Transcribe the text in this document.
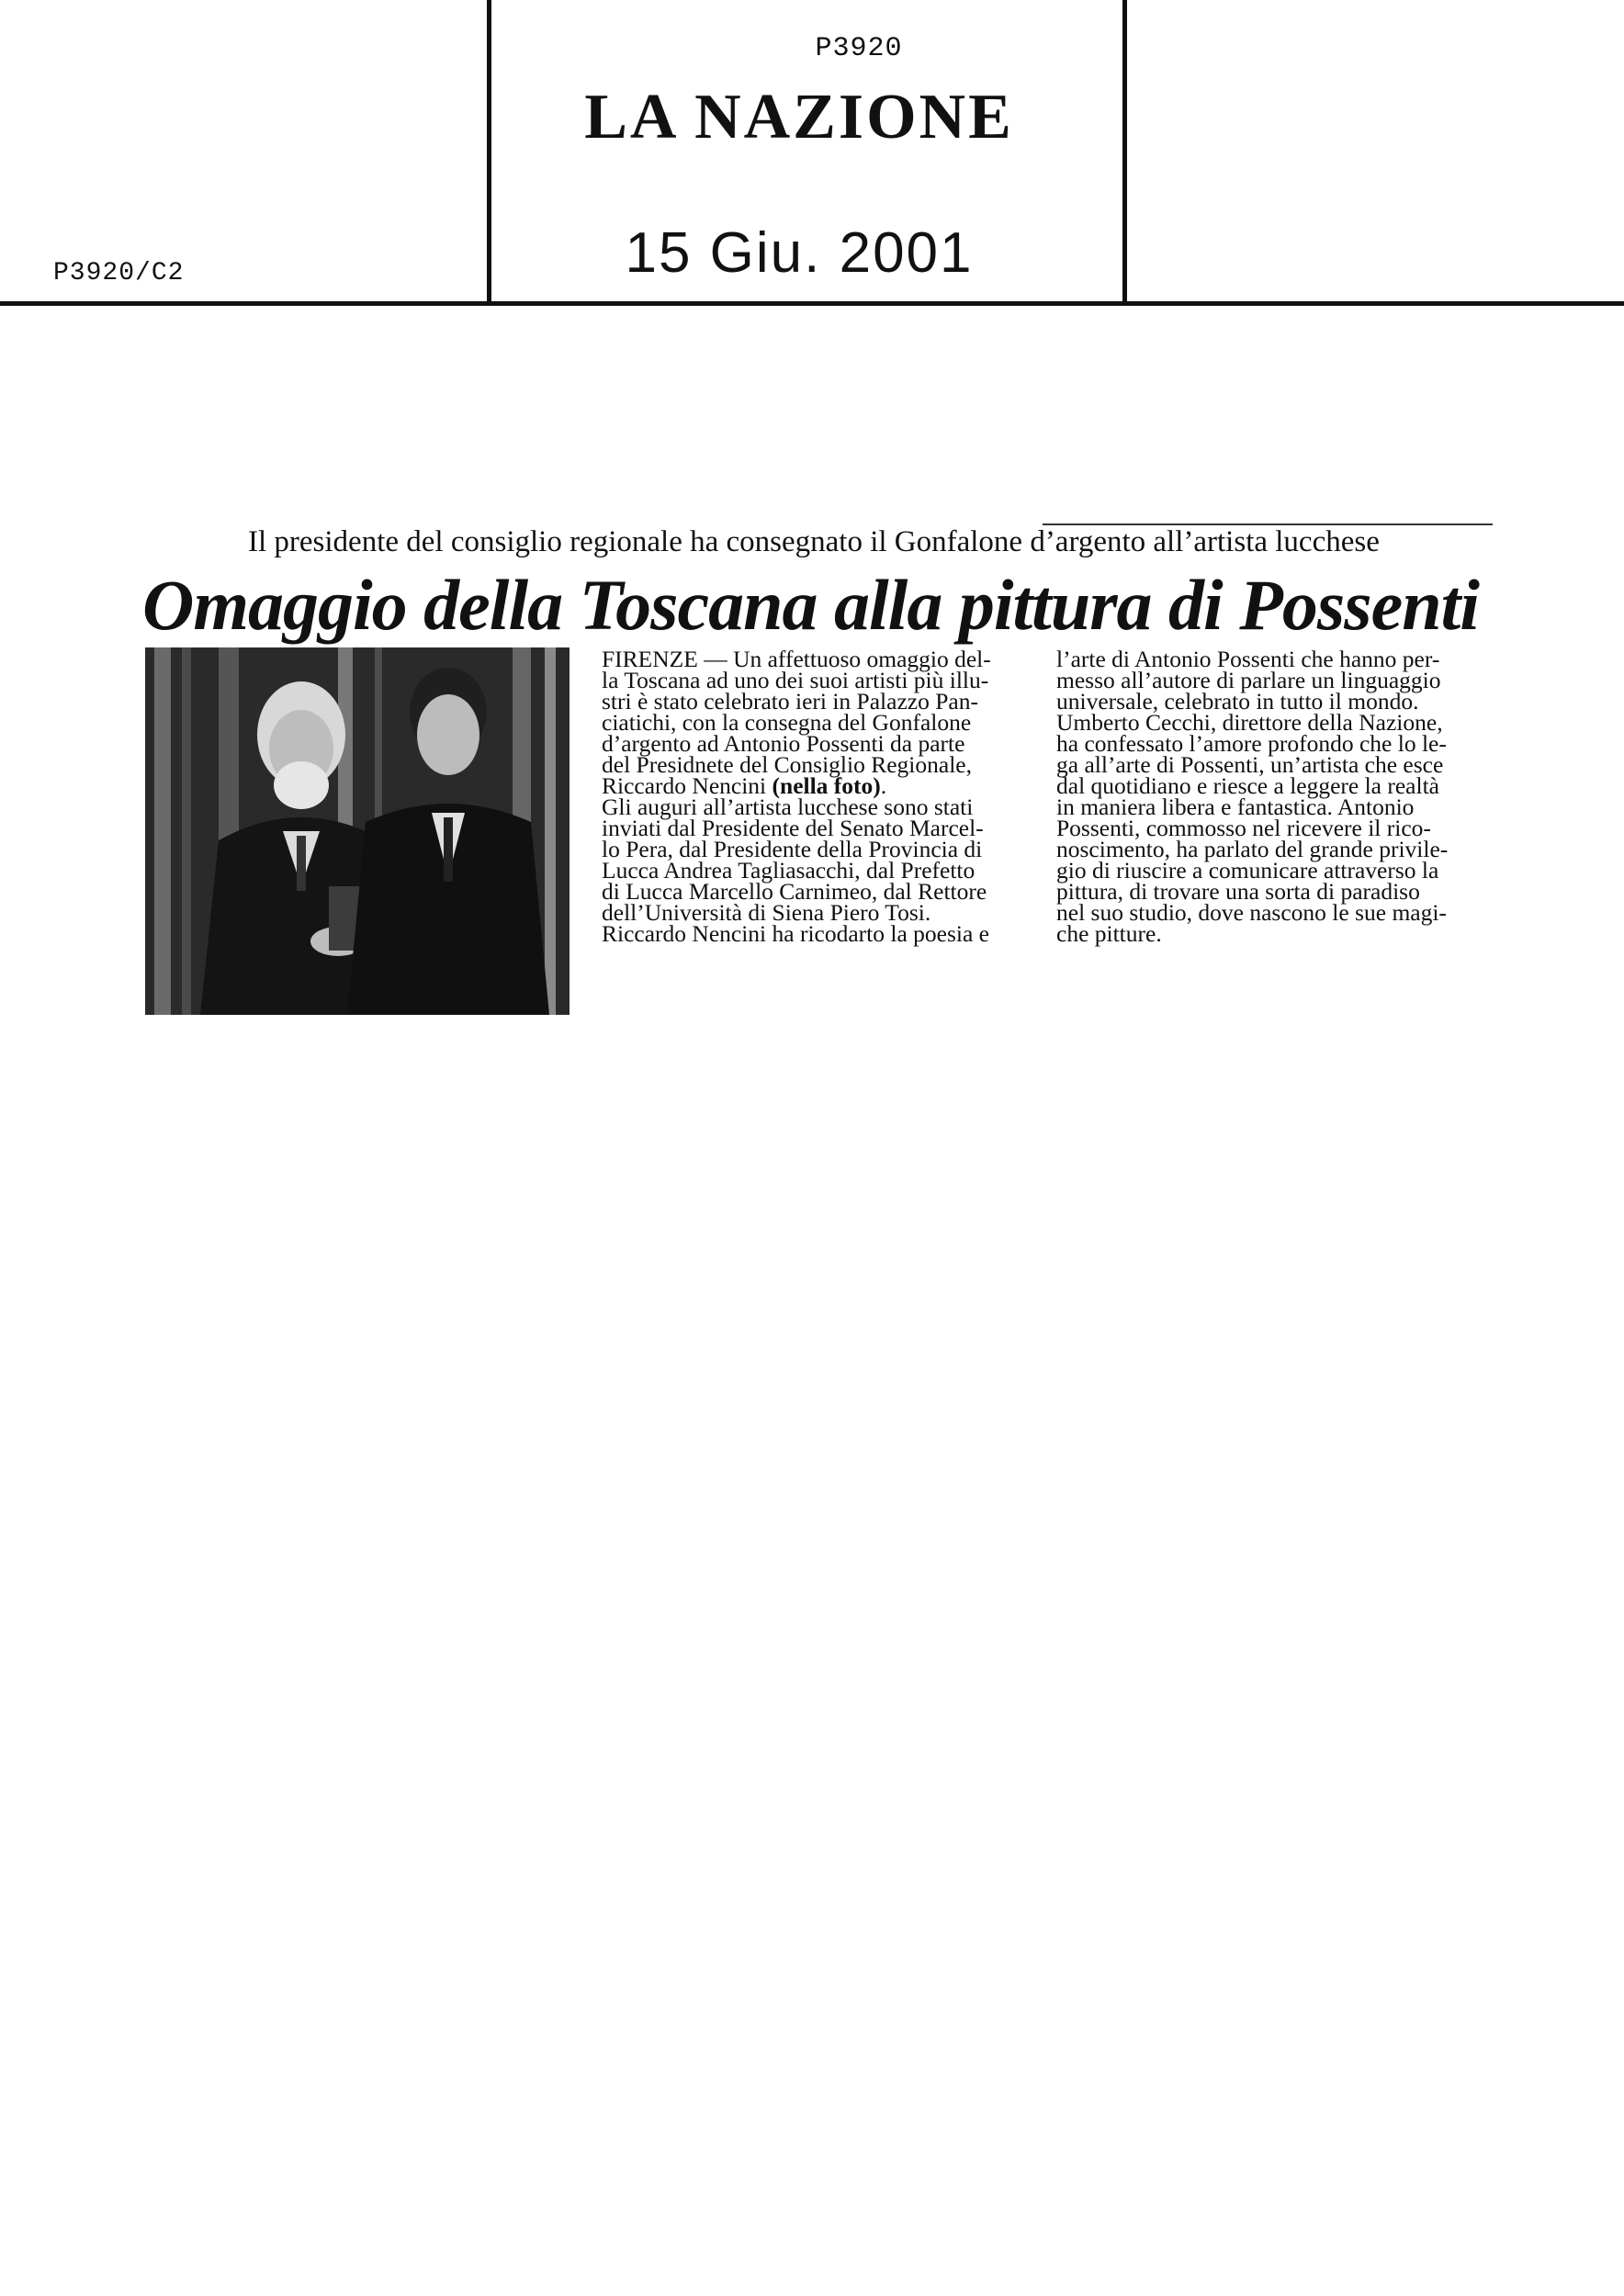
P3920
LA NAZIONE
15 Giu. 2001
P3920/C2
Il presidente del consiglio regionale ha consegnato il Gonfalone d’argento all’artista lucchese
Omaggio della Toscana alla pittura di Possenti

FIRENZE — Un affettuoso omaggio del-

la Toscana ad uno dei suoi artisti più illu-

stri è stato celebrato ieri in Palazzo Pan-

ciatichi, con la consegna del Gonfalone

d’argento ad Antonio Possenti da parte

del Presidnete del Consiglio Regionale,

Riccardo Nencini (nella foto).

Gli auguri all’artista lucchese sono stati

inviati dal Presidente del Senato Marcel-

lo Pera, dal Presidente della Provincia di

Lucca Andrea Tagliasacchi, dal Prefetto

di Lucca Marcello Carnimeo, dal Rettore

dell’Università di Siena Piero Tosi.

Riccardo Nencini ha ricodarto la poesia e

l’arte di Antonio Possenti che hanno per-

messo all’autore di parlare un linguaggio

universale, celebrato in tutto il mondo.

Umberto Cecchi, direttore della Nazione,

ha confessato l’amore profondo che lo le-

ga all’arte di Possenti, un’artista che esce

dal quotidiano e riesce a leggere la realtà

in maniera libera e fantastica. Antonio

Possenti, commosso nel ricevere il rico-

noscimento, ha parlato del grande privile-

gio di riuscire a comunicare attraverso la

pittura, di trovare una sorta di paradiso

nel suo studio, dove nascono le sue magi-

che pitture.
